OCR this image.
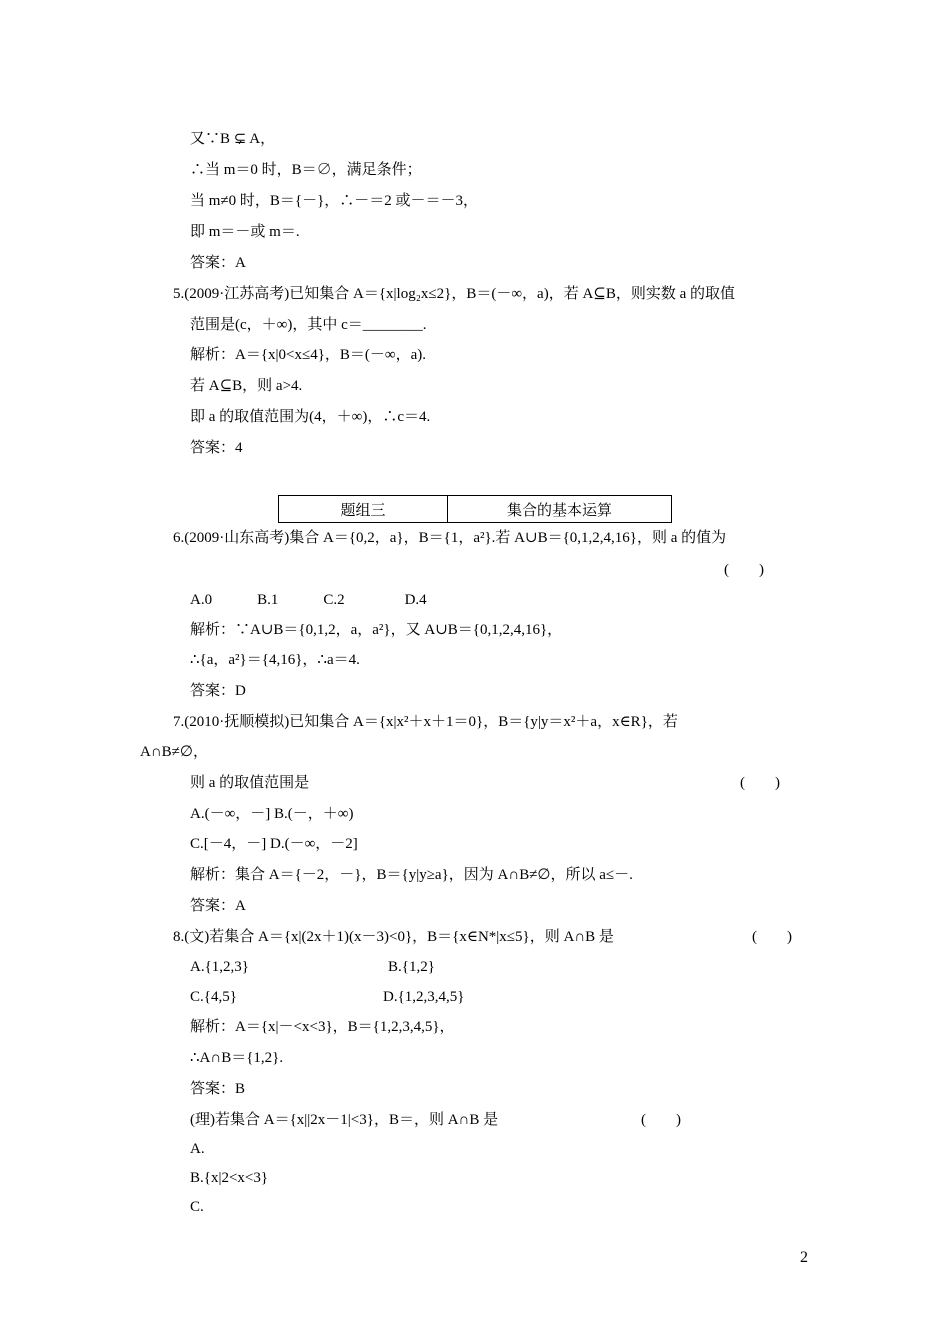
又∵B ⊊ A，
∴当 m＝0 时，B＝∅，满足条件；
当 m≠0 时，B＝{－}，∴－＝2 或－＝－3，
即 m＝－或 m＝.
答案：A
5.(2009·江苏高考)已知集合 A＝{x|log₂x≤2}，B＝(－∞，a)，若 A⊆B，则实数 a 的取值
范围是(c，＋∞)，其中 c＝________.
解析：A＝{x|0<x≤4}，B＝(－∞，a).
若 A⊆B，则 a>4.
即 a 的取值范围为(4，＋∞)，∴c＝4.
答案：4
题组三	集合的基本运算
6.(2009·山东高考)集合 A＝{0,2，a}，B＝{1，a²}.若 A∪B＝{0,1,2,4,16}，则 a 的值为
(　　)
A.0　　　B.1　　　C.2　　　　D.4
解析：∵A∪B＝{0,1,2，a，a²}，又 A∪B＝{0,1,2,4,16}，
∴{a，a²}＝{4,16}，∴a＝4.
答案：D
7.(2010·抚顺模拟)已知集合 A＝{x|x²＋x＋1＝0}，B＝{y|y＝x²＋a，x∈R}，若
A∩B≠∅，
则 a 的取值范围是	(　　)
A.(－∞，－] B.(－，＋∞)
C.[－4，－] D.(－∞，－2]
解析：集合 A＝{－2，－}，B＝{y|y≥a}，因为 A∩B≠∅，所以 a≤－.
答案：A
8.(文)若集合 A＝{x|(2x＋1)(x－3)<0}，B＝{x∈N*|x≤5}，则 A∩B 是	(　　)
A.{1,2,3}	B.{1,2}
C.{4,5}	D.{1,2,3,4,5}
解析：A＝{x|－<x<3}，B＝{1,2,3,4,5}，
∴A∩B＝{1,2}.
答案：B
(理)若集合 A＝{x||2x－1|<3}，B＝，则 A∩B 是	(　　)
A.
B.{x|2<x<3}
C.
2
